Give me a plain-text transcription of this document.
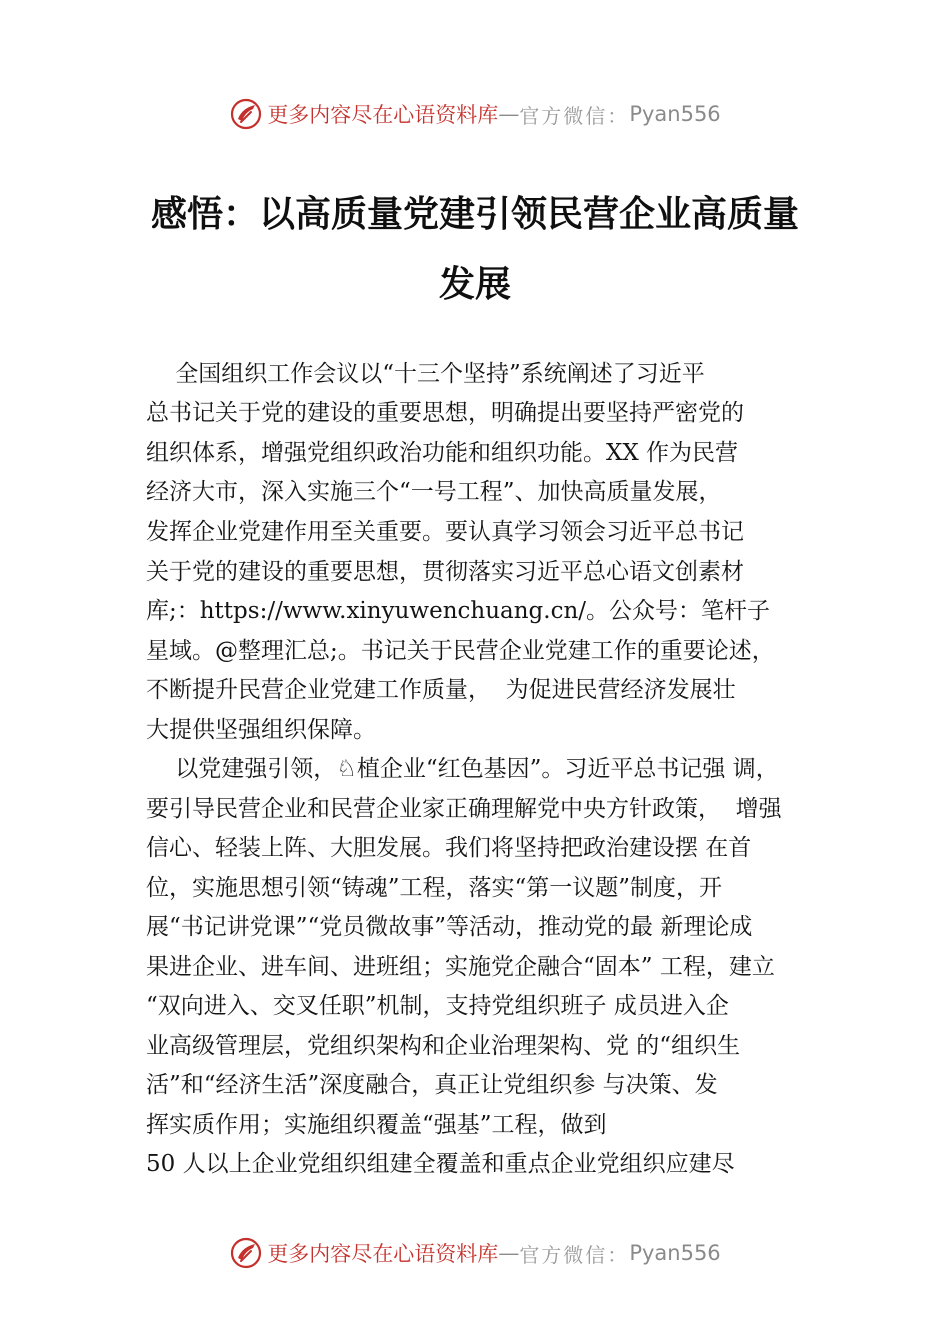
更多内容尽在心语资料库 — 官方微信： Pyan556
感悟：以高质量党建引领民营企业高质量
发展
全国组织工作会议以“十三个坚持”系统阐述了习近平
总书记关于党的建设的重要思想，明确提出要坚持严密党的
组织体系，增强党组织政治功能和组织功能。XX 作为民营
经济大市，深入实施三个“一号工程”、加快高质量发展，
发挥企业党建作用至关重要。要认真学习领会习近平总书记
关于党的建设的重要思想，贯彻落实习近平总心语文创素材
库;：https://www.xinyuwenchuang.cn/。公众号：笔杆子
星域。@整理汇总;。书记关于民营企业党建工作的重要论述，
不断提升民营企业党建工作质量，  为促进民营经济发展壮
大提供坚强组织保障。
以党建强引领，♘植企业“红色基因”。习近平总书记强 调，
要引导民营企业和民营企业家正确理解党中央方针政策，  增强
信心、轻装上阵、大胆发展。我们将坚持把政治建设摆 在首
位，实施思想引领“铸魂”工程，落实“第一议题”制度，开
展“书记讲党课”“党员微故事”等活动，推动党的最 新理论成
果进企业、进车间、进班组；实施党企融合“固本” 工程，建立
“双向进入、交叉任职”机制，支持党组织班子 成员进入企
业高级管理层，党组织架构和企业治理架构、党 的“组织生
活”和“经济生活”深度融合，真正让党组织参 与决策、发
挥实质作用；实施组织覆盖“强基”工程，做到
50 人以上企业党组织组建全覆盖和重点企业党组织应建尽
更多内容尽在心语资料库 — 官方微信： Pyan556
